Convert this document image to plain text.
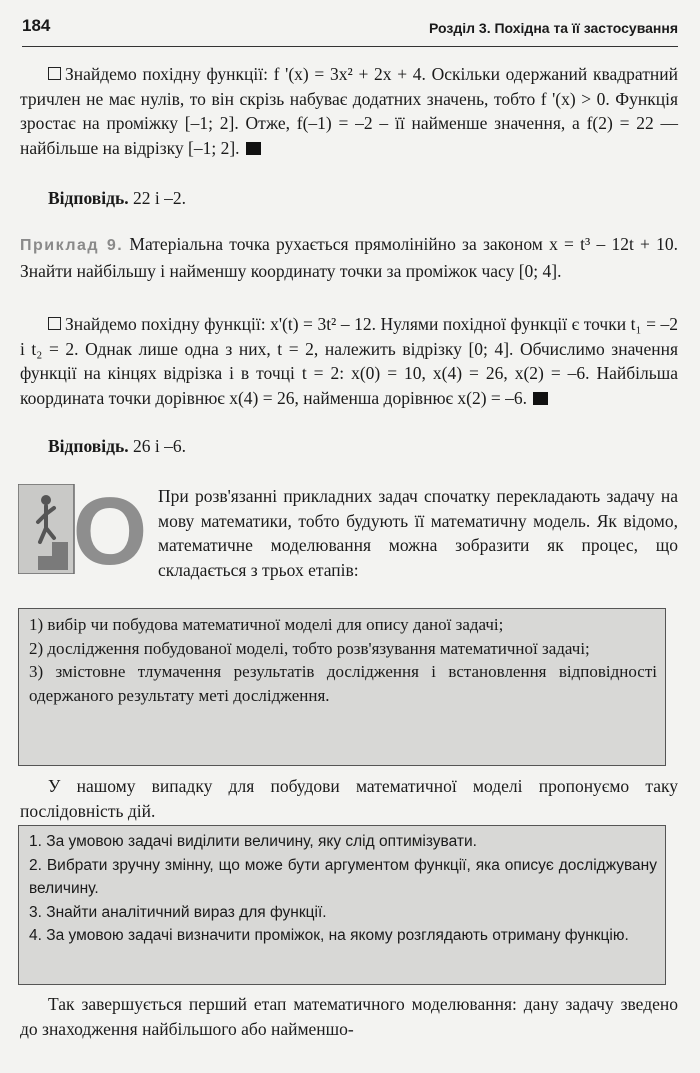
184	Розділ 3. Похідна та її застосування
Знайдемо похідну функції: f '(x) = 3x² + 2x + 4. Оскільки одержаний квадратний тричлен не має нулів, то він скрізь набуває додатних значень, тобто f '(x) > 0. Функція зростає на проміжку [–1; 2]. Отже, f(–1) = –2 – її найменше значення, а f(2) = 22 — найбільше на відрізку [–1; 2].
Відповідь. 22 і –2.
Приклад 9. Матеріальна точка рухається прямолінійно за законом x = t³ – 12t + 10. Знайти найбільшу і найменшу координату точки за проміжок часу [0; 4].
Знайдемо похідну функції: x'(t) = 3t² – 12. Нулями похідної функції є точки t₁ = –2 і t₂ = 2. Однак лише одна з них, t = 2, належить відрізку [0; 4]. Обчислимо значення функції на кінцях відрізка і в точці t = 2: x(0) = 10, x(4) = 26, x(2) = –6. Найбільша координата точки дорівнює x(4) = 26, найменша дорівнює x(2) = –6.
Відповідь. 26 і –6.
О При розв'язанні прикладних задач спочатку перекладають задачу на мову математики, тобто будують її математичну модель. Як відомо, математичне моделювання можна зобразити як процес, що складається з трьох етапів:
1) вибір чи побудова математичної моделі для опису даної задачі;
2) дослідження побудованої моделі, тобто розв'язування математичної задачі;
3) змістовне тлумачення результатів дослідження і встановлення відповідності одержаного результату меті дослідження.
У нашому випадку для побудови математичної моделі пропонуємо таку послідовність дій.
1. За умовою задачі виділити величину, яку слід оптимізувати.
2. Вибрати зручну змінну, що може бути аргументом функції, яка описує досліджувану величину.
3. Знайти аналітичний вираз для функції.
4. За умовою задачі визначити проміжок, на якому розглядають отриману функцію.
Так завершується перший етап математичного моделювання: дану задачу зведено до знаходження найбільшого або найменшо-
